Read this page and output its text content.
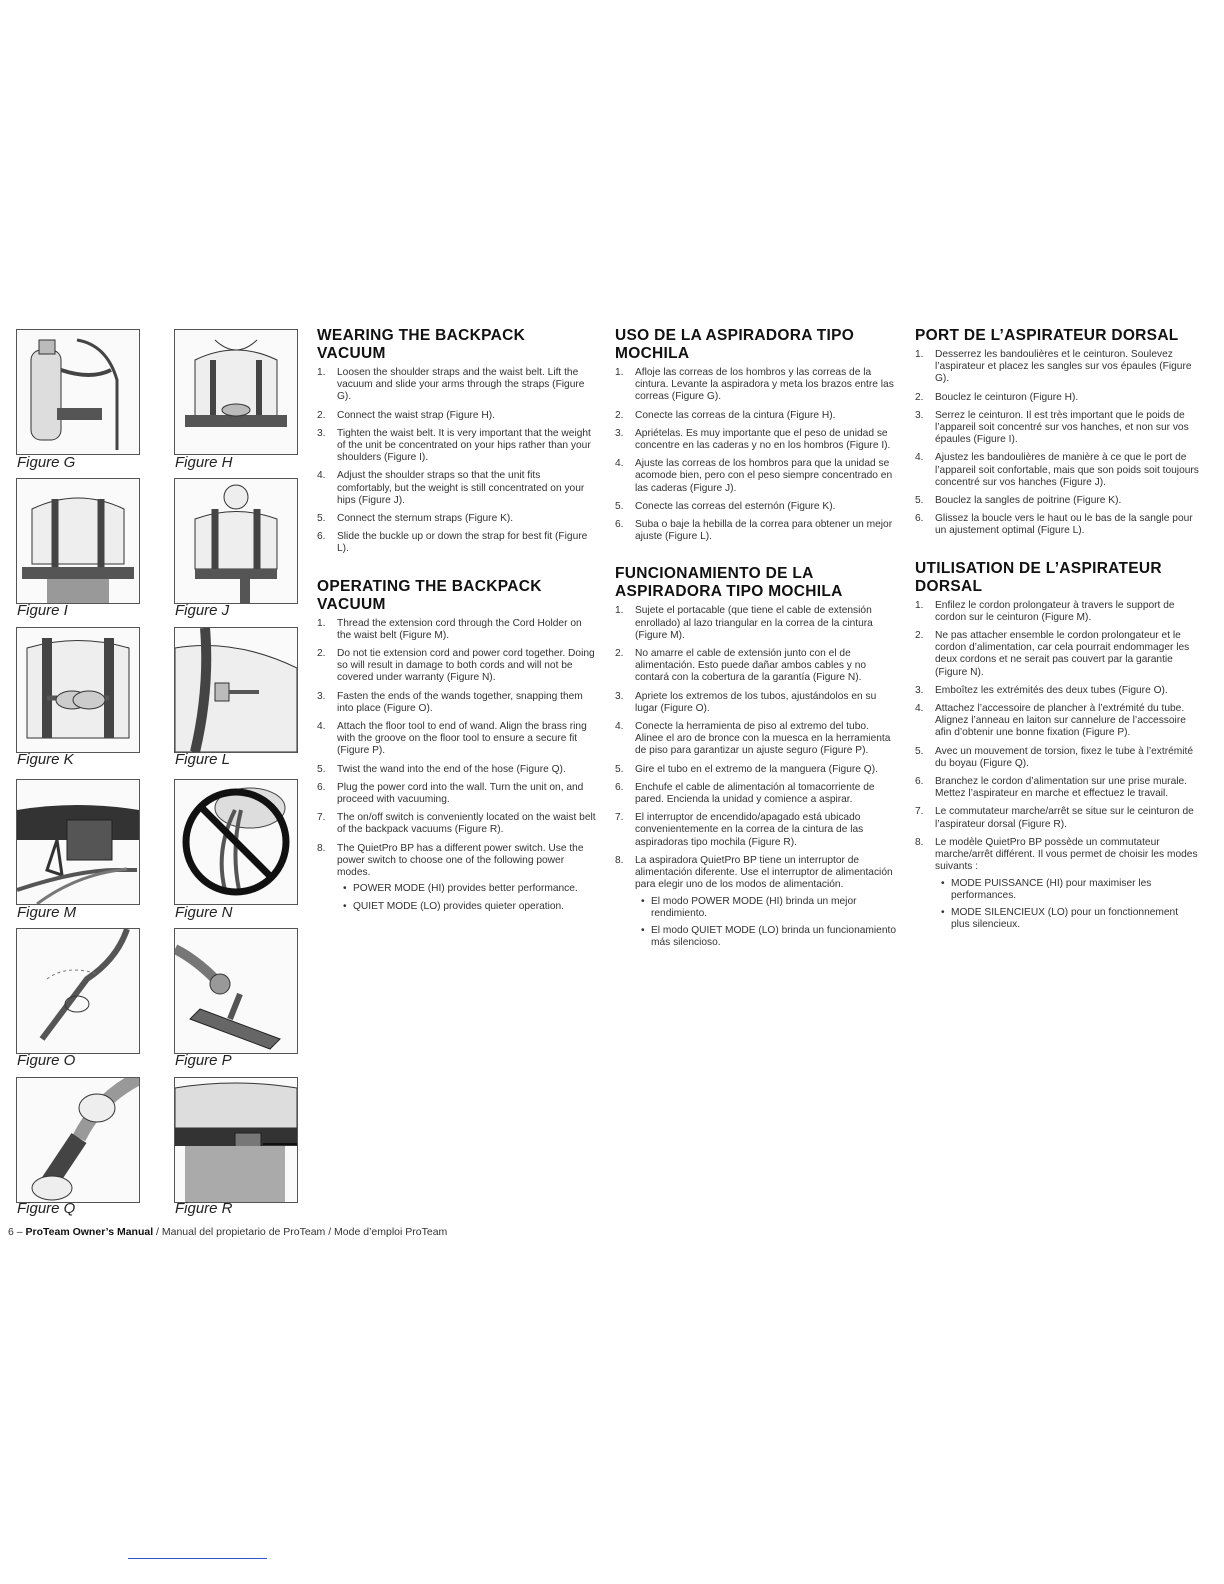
Figure G	Figure H
Figure I	Figure J
Figure K	Figure L
Figure M	Figure N
Figure O	Figure P
Figure Q	Figure R
WEARING THE BACKPACK VACUUM
1. Loosen the shoulder straps and the waist belt. Lift the vacuum and slide your arms through the straps (Figure G).
2. Connect the waist strap (Figure H).
3. Tighten the waist belt. It is very important that the weight of the unit be concentrated on your hips rather than your shoulders (Figure I).
4. Adjust the shoulder straps so that the unit fits comfortably, but the weight is still concentrated on your hips (Figure J).
5. Connect the sternum straps (Figure K).
6. Slide the buckle up or down the strap for best fit (Figure L).
OPERATING THE BACKPACK VACUUM
1. Thread the extension cord through the Cord Holder on the waist belt (Figure M).
2. Do not tie extension cord and power cord together. Doing so will result in damage to both cords and will not be covered under warranty (Figure N).
3. Fasten the ends of the wands together, snapping them into place (Figure O).
4. Attach the floor tool to end of wand. Align the brass ring with the groove on the floor tool to ensure a secure fit (Figure P).
5. Twist the wand into the end of the hose (Figure Q).
6. Plug the power cord into the wall. Turn the unit on, and proceed with vacuuming.
7. The on/off switch is conveniently located on the waist belt of the backpack vacuums (Figure R).
8. The QuietPro BP has a different power switch. Use the power switch to choose one of the following power modes.
• POWER MODE (HI) provides better performance.
• QUIET MODE (LO) provides quieter operation.
USO DE LA ASPIRADORA TIPO MOCHILA
1. Afloje las correas de los hombros y las correas de la cintura. Levante la aspiradora y meta los brazos entre las correas (Figure G).
2. Conecte las correas de la cintura (Figure H).
3. Apriételas. Es muy importante que el peso de unidad se concentre en las caderas y no en los hombros (Figure I).
4. Ajuste las correas de los hombros para que la unidad se acomode bien, pero con el peso siempre concentrado en las caderas (Figure J).
5. Conecte las correas del esternón (Figure K).
6. Suba o baje la hebilla de la correa para obtener un mejor ajuste (Figure L).
FUNCIONAMIENTO DE LA ASPIRADORA TIPO MOCHILA
1. Sujete el portacable (que tiene el cable de extensión enrollado) al lazo triangular en la correa de la cintura (Figure M).
2. No amarre el cable de extensión junto con el de alimentación. Esto puede dañar ambos cables y no contará con la cobertura de la garantía (Figure N).
3. Apriete los extremos de los tubos, ajustándolos en su lugar (Figure O).
4. Conecte la herramienta de piso al extremo del tubo. Alinee el aro de bronce con la muesca en la herramienta de piso para garantizar un ajuste seguro (Figure P).
5. Gire el tubo en el extremo de la manguera (Figure Q).
6. Enchufe el cable de alimentación al tomacorriente de pared. Encienda la unidad y comience a aspirar.
7. El interruptor de encendido/apagado está ubicado convenientemente en la correa de la cintura de las aspiradoras tipo mochila (Figure R).
8. La aspiradora QuietPro BP tiene un interruptor de alimentación diferente. Use el interruptor de alimentación para elegir uno de los modos de alimentación.
• El modo POWER MODE (HI) brinda un mejor rendimiento.
• El modo QUIET MODE (LO) brinda un funcionamiento más silencioso.
PORT DE L’ASPIRATEUR DORSAL
1. Desserrez les bandoulières et le ceinturon. Soulevez l’aspirateur et placez les sangles sur vos épaules (Figure G).
2. Bouclez le ceinturon (Figure H).
3. Serrez le ceinturon. Il est très important que le poids de l’appareil soit concentré sur vos hanches, et non sur vos épaules (Figure I).
4. Ajustez les bandoulières de manière à ce que le port de l’appareil soit confortable, mais que son poids soit toujours concentré sur vos hanches (Figure J).
5. Bouclez la sangles de poitrine (Figure K).
6. Glissez la boucle vers le haut ou le bas de la sangle pour un ajustement optimal (Figure L).
UTILISATION DE L’ASPIRATEUR DORSAL
1. Enfilez le cordon prolongateur à travers le support de cordon sur le ceinturon (Figure M).
2. Ne pas attacher ensemble le cordon prolongateur et le cordon d’alimentation, car cela pourrait endommager les deux cordons et ne serait pas couvert par la garantie (Figure N).
3. Emboîtez les extrémités des deux tubes (Figure O).
4. Attachez l’accessoire de plancher à l’extrémité du tube. Alignez l’anneau en laiton sur cannelure de l’accessoire afin d’obtenir une bonne fixation (Figure P).
5. Avec un mouvement de torsion, fixez le tube à l’extrémité du boyau (Figure Q).
6. Branchez le cordon d’alimentation sur une prise murale. Mettez l’aspirateur en marche et effectuez le travail.
7. Le commutateur marche/arrêt se situe sur le ceinturon de l’aspirateur dorsal (Figure R).
8. Le modèle QuietPro BP possède un commutateur marche/arrêt différent. Il vous permet de choisir les modes suivants :
• MODE PUISSANCE (HI) pour maximiser les performances.
• MODE SILENCIEUX (LO) pour un fonctionnement plus silencieux.
6 – ProTeam Owner’s Manual / Manual del propietario de ProTeam / Mode d’emploi ProTeam
